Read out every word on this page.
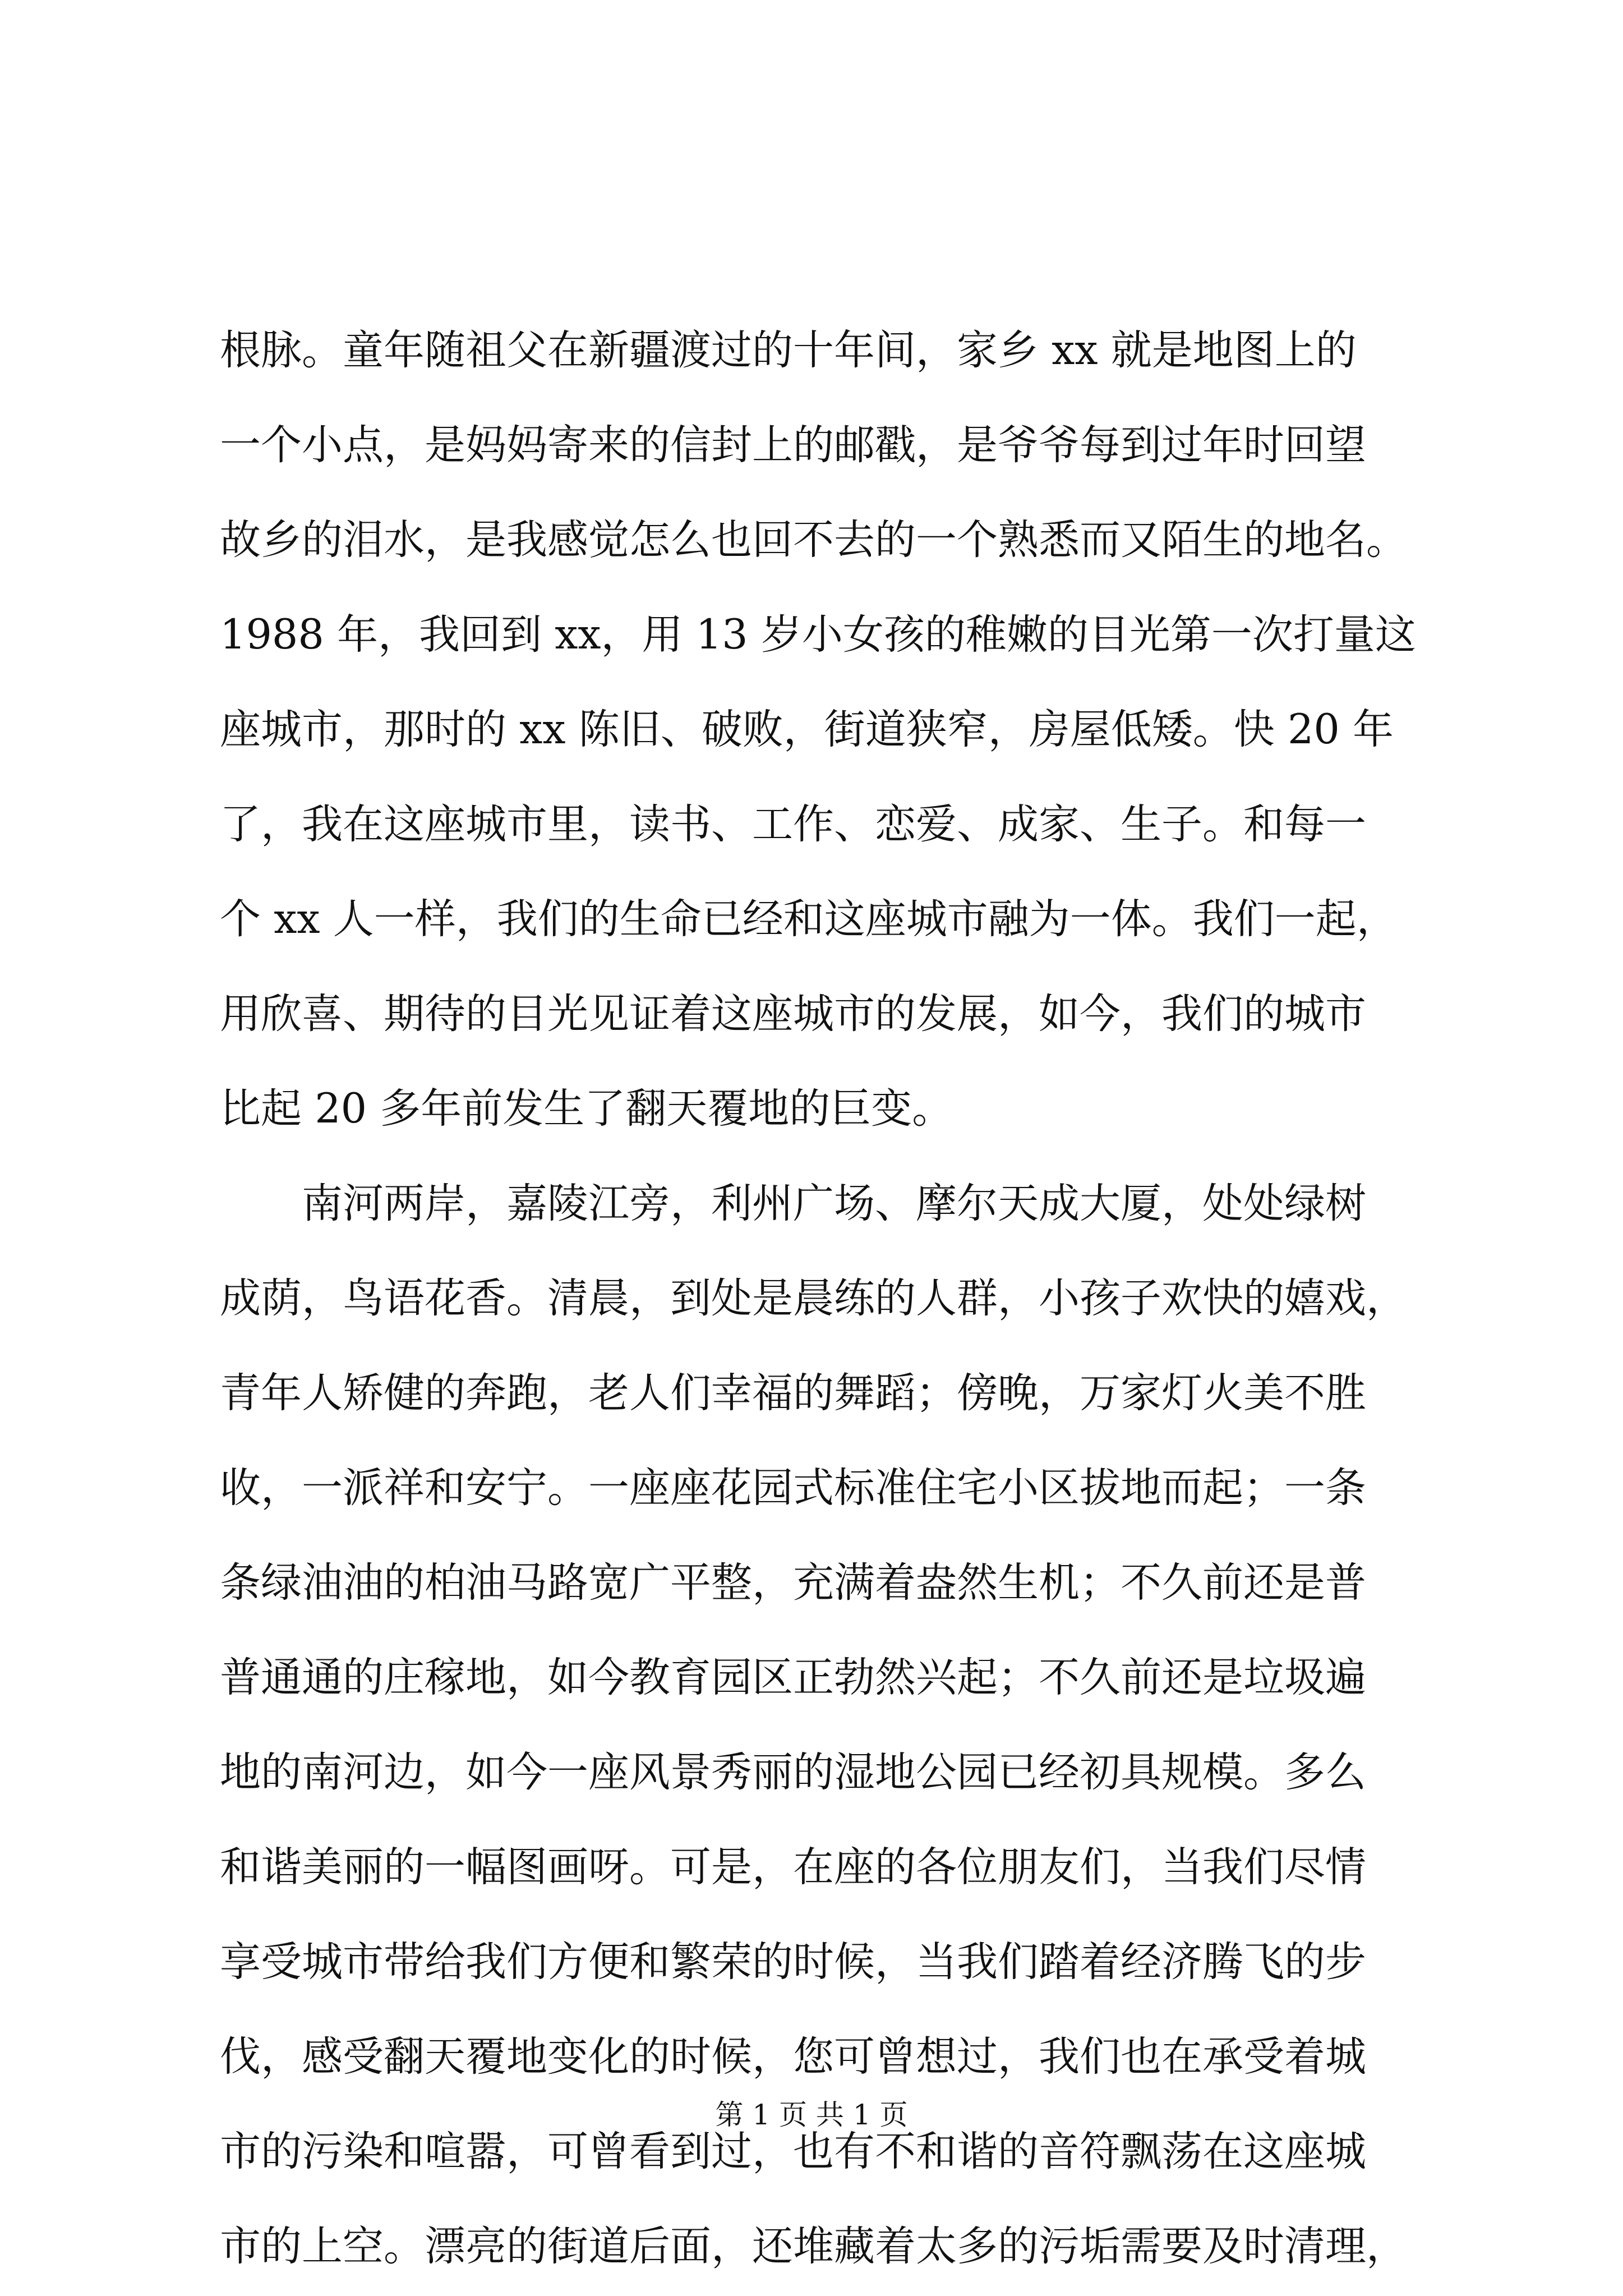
根脉。童年随祖父在新疆渡过的十年间，家乡 xx 就是地图上的
一个小点，是妈妈寄来的信封上的邮戳，是爷爷每到过年时回望
故乡的泪水，是我感觉怎么也回不去的一个熟悉而又陌生的地名。
1988 年，我回到 xx，用 13 岁小女孩的稚嫩的目光第一次打量这
座城市，那时的 xx 陈旧、破败，街道狭窄，房屋低矮。快 20 年
了，我在这座城市里，读书、工作、恋爱、成家、生子。和每一
个 xx 人一样，我们的生命已经和这座城市融为一体。我们一起，
用欣喜、期待的目光见证着这座城市的发展，如今，我们的城市
比起 20 多年前发生了翻天覆地的巨变。
　　南河两岸，嘉陵江旁，利州广场、摩尔天成大厦，处处绿树
成荫，鸟语花香。清晨，到处是晨练的人群，小孩子欢快的嬉戏，
青年人矫健的奔跑，老人们幸福的舞蹈；傍晚，万家灯火美不胜
收，一派祥和安宁。一座座花园式标准住宅小区拔地而起；一条
条绿油油的柏油马路宽广平整，充满着盎然生机；不久前还是普
普通通的庄稼地，如今教育园区正勃然兴起；不久前还是垃圾遍
地的南河边，如今一座风景秀丽的湿地公园已经初具规模。多么
和谐美丽的一幅图画呀。可是，在座的各位朋友们，当我们尽情
享受城市带给我们方便和繁荣的时候，当我们踏着经济腾飞的步
伐，感受翻天覆地变化的时候，您可曾想过，我们也在承受着城
市的污染和喧嚣，可曾看到过，也有不和谐的音符飘荡在这座城
市的上空。漂亮的街道后面，还堆藏着太多的污垢需要及时清理，
第 1 页 共 1 页
